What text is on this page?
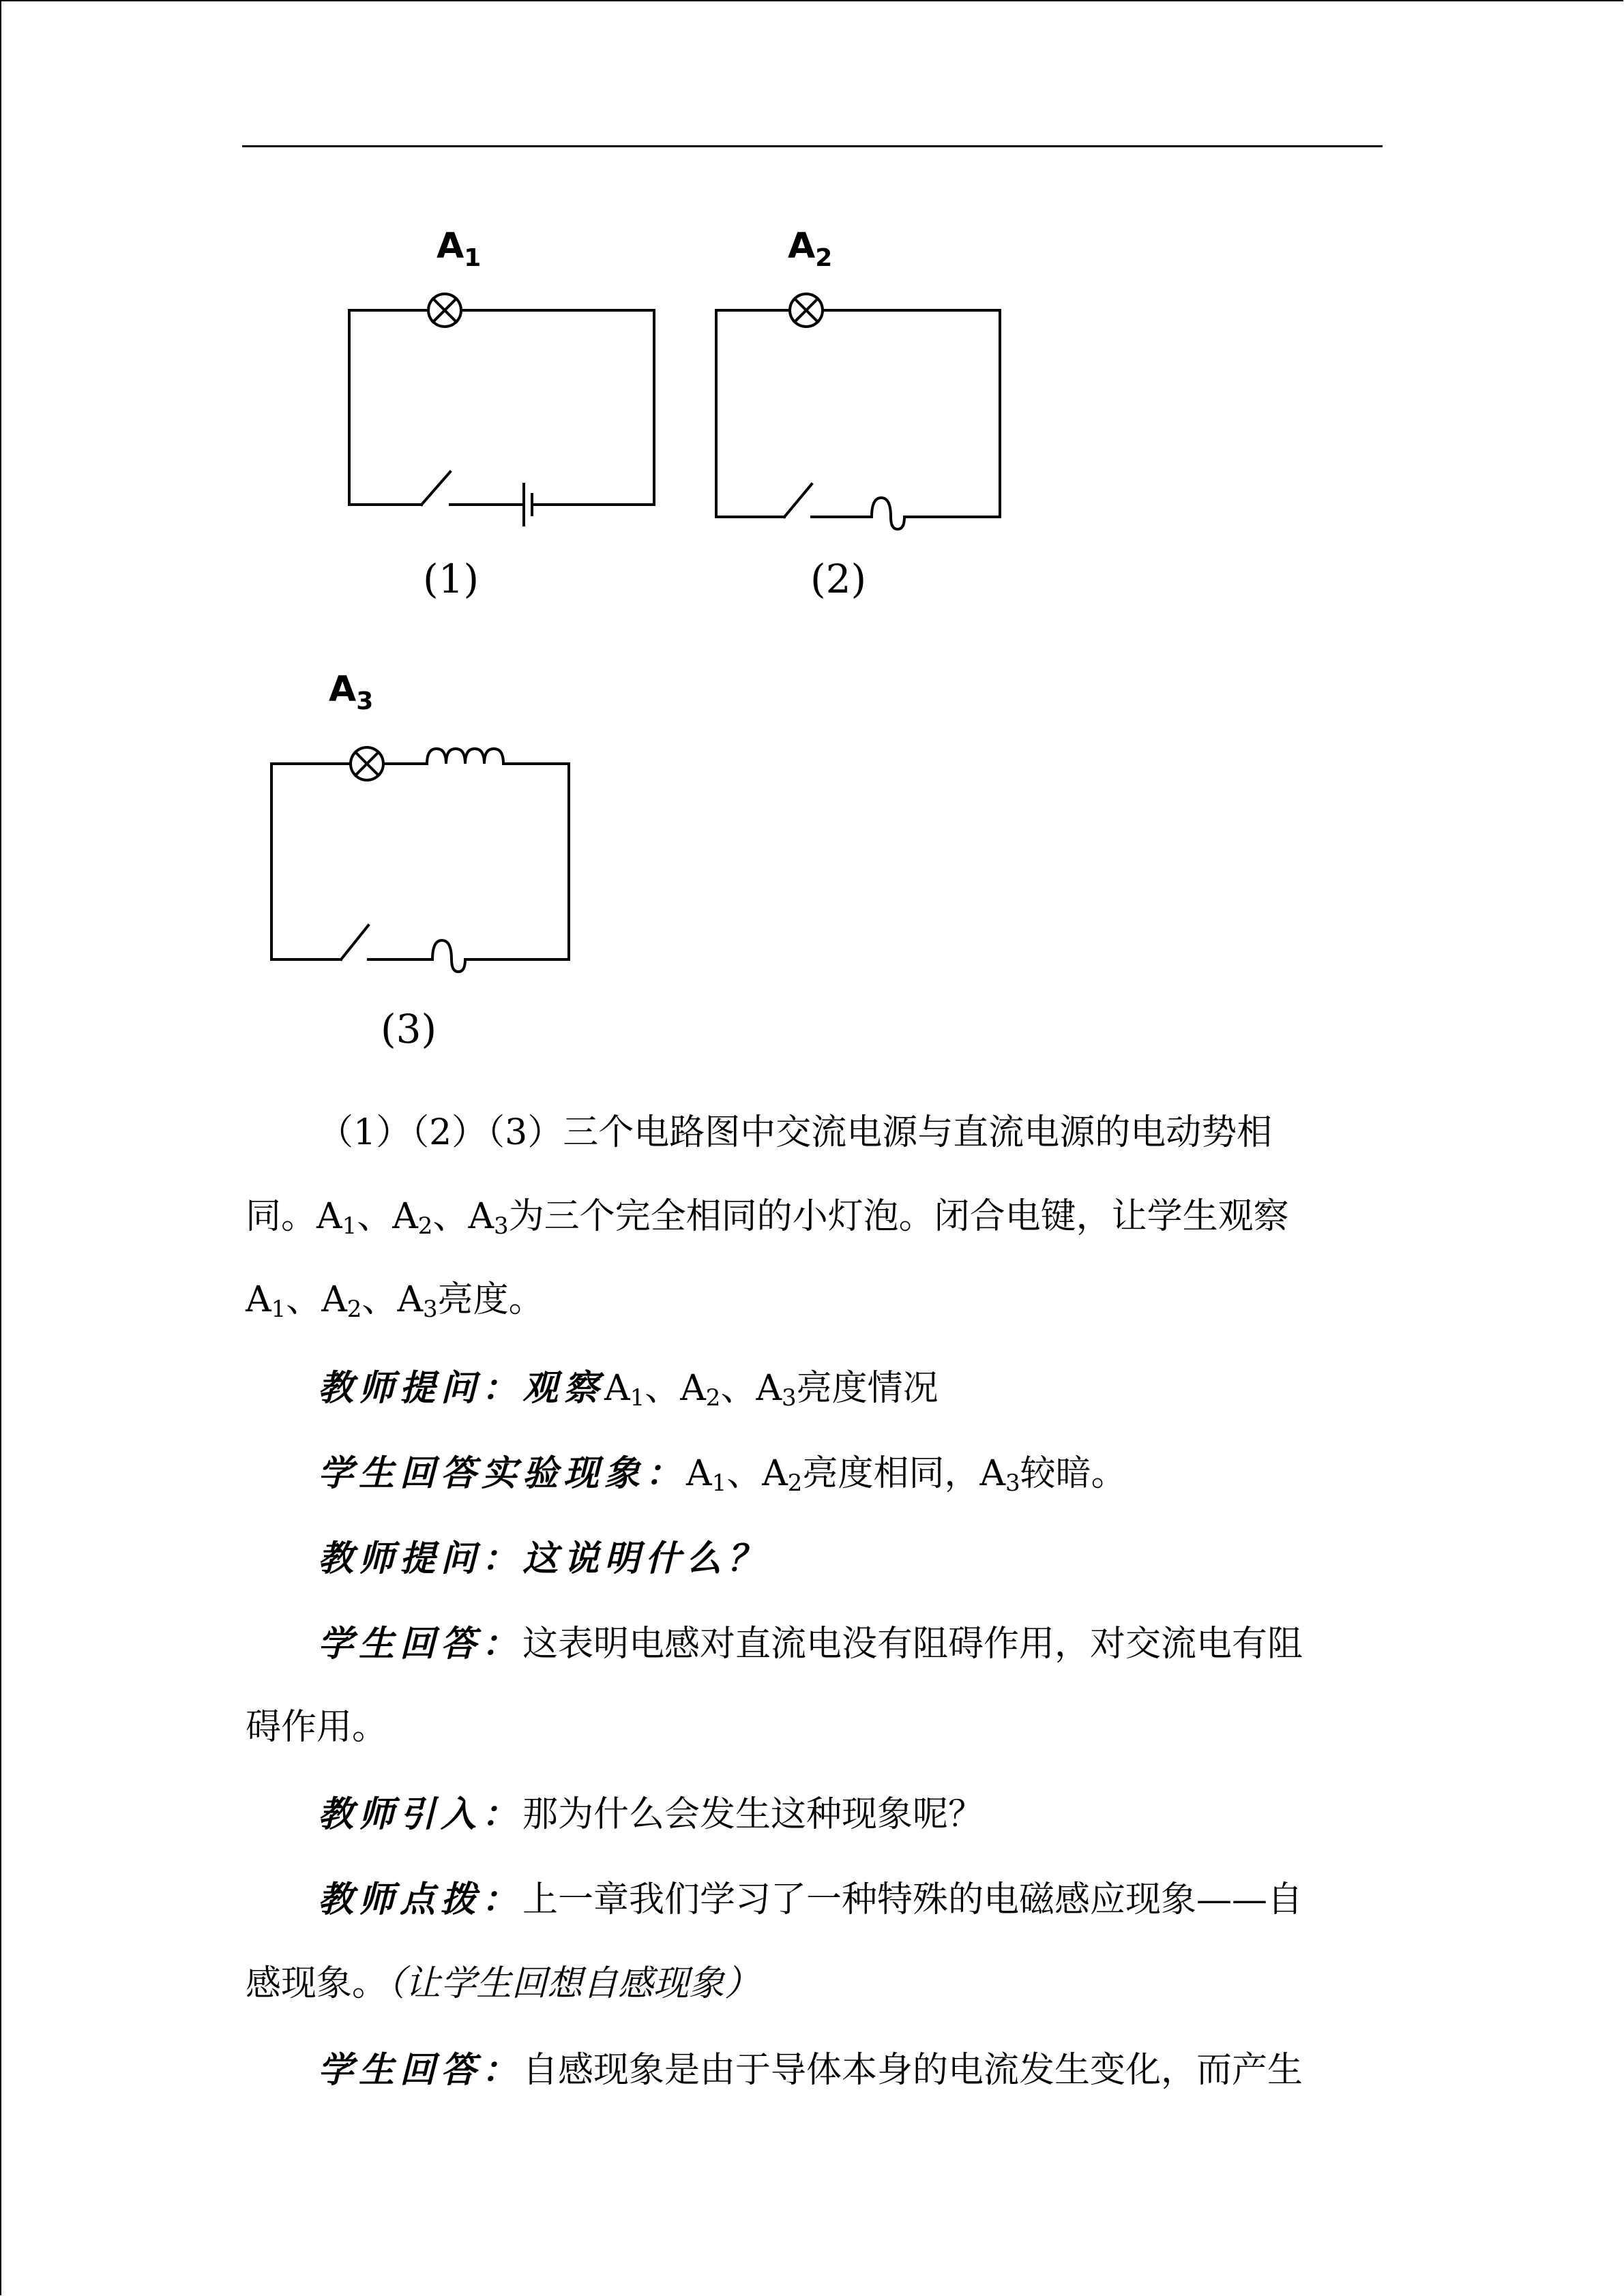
$A_1$
(1)
$A_2$
(2)
$A_3$
(3)
（1）（2）（3）三个电路图中交流电源与直流电源的电动势相
同。$A_1$、$A_2$、$A_3$为三个完全相同的小灯泡。闭合电键，让学生观察
$A_1$、$A_2$、$A_3$亮度。
教师提问：观察$A_1$、$A_2$、$A_3$亮度情况
学生回答实验现象：$A_1$、$A_2$亮度相同，$A_3$较暗。
教师提问：这说明什么？
学生回答：这表明电感对直流电没有阻碍作用，对交流电有阻
碍作用。
教师引入：那为什么会发生这种现象呢？
教师点拨：上一章我们学习了一种特殊的电磁感应现象——自
感现象。（让学生回想自感现象）
学生回答：自感现象是由于导体本身的电流发生变化，而产生
